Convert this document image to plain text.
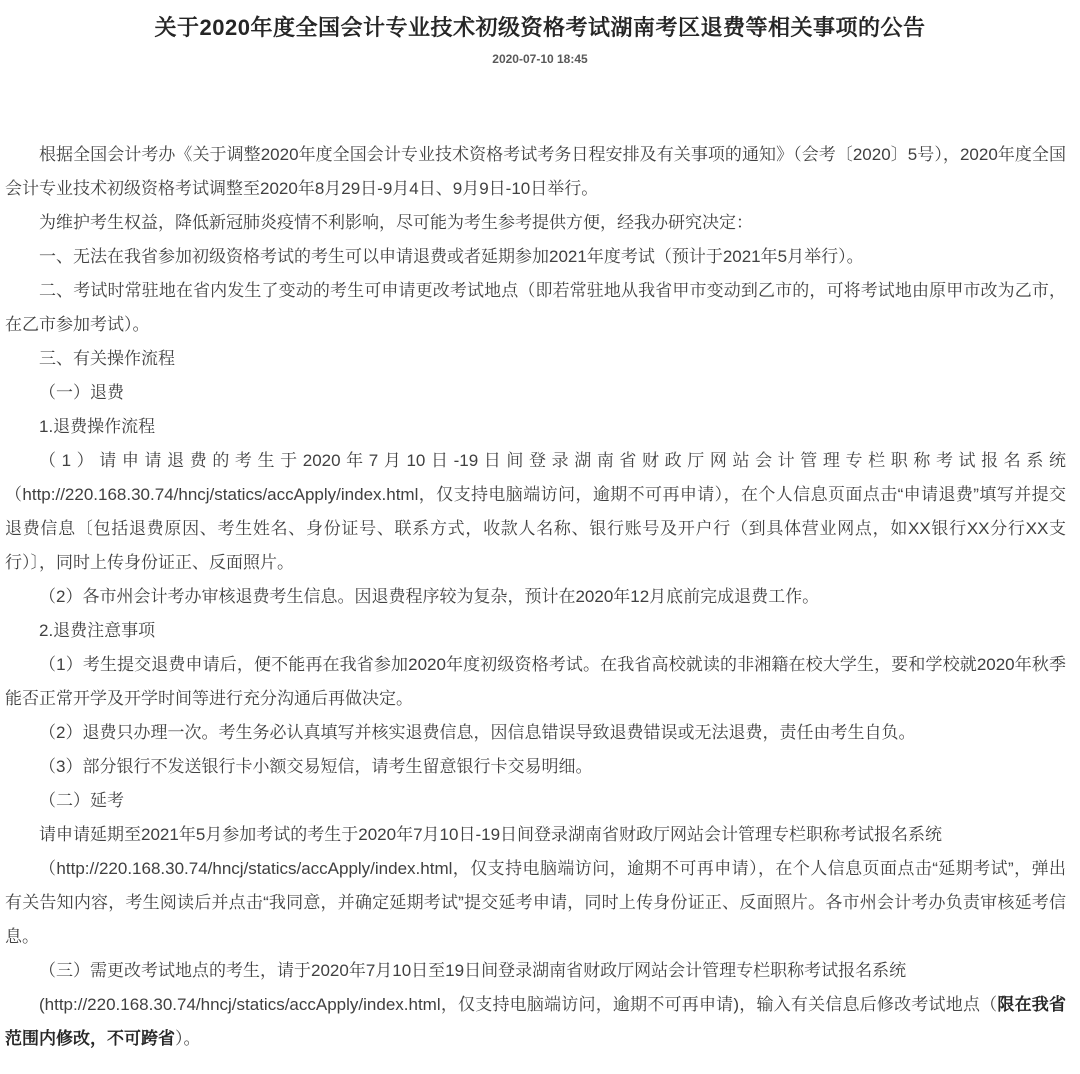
关于2020年度全国会计专业技术初级资格考试湖南考区退费等相关事项的公告
2020-07-10 18:45

根据全国会计考办《关于调整2020年度全国会计专业技术资格考试考务日程安排及有关事项的通知》（会考〔2020〕5号），2020年度全国会计专业技术初级资格考试调整至2020年8月29日-9月4日、9月9日-10日举行。

为维护考生权益，降低新冠肺炎疫情不利影响，尽可能为考生参考提供方便，经我办研究决定：

一、无法在我省参加初级资格考试的考生可以申请退费或者延期参加2021年度考试（预计于2021年5月举行）。

二、考试时常驻地在省内发生了变动的考生可申请更改考试地点（即若常驻地从我省甲市变动到乙市的，可将考试地由原甲市改为乙市，在乙市参加考试）。

三、有关操作流程

（一）退费

1.退费操作流程

（1）请申请退费的考生于2020年7月10日-19日间登录湖南省财政厅网站会计管理专栏职称考试报名系统（http://220.168.30.74/hncj/statics/accApply/index.html，仅支持电脑端访问，逾期不可再申请），在个人信息页面点击“申请退费”填写并提交退费信息〔包括退费原因、考生姓名、身份证号、联系方式，收款人名称、银行账号及开户行（到具体营业网点，如XX银行XX分行XX支行）〕，同时上传身份证正、反面照片。

（2）各市州会计考办审核退费考生信息。因退费程序较为复杂，预计在2020年12月底前完成退费工作。

2.退费注意事项

（1）考生提交退费申请后，便不能再在我省参加2020年度初级资格考试。在我省高校就读的非湘籍在校大学生，要和学校就2020年秋季能否正常开学及开学时间等进行充分沟通后再做决定。

（2）退费只办理一次。考生务必认真填写并核实退费信息，因信息错误导致退费错误或无法退费，责任由考生自负。

（3）部分银行不发送银行卡小额交易短信，请考生留意银行卡交易明细。

（二）延考

请申请延期至2021年5月参加考试的考生于2020年7月10日-19日间登录湖南省财政厅网站会计管理专栏职称考试报名系统

（http://220.168.30.74/hncj/statics/accApply/index.html，仅支持电脑端访问，逾期不可再申请），在个人信息页面点击“延期考试”，弹出有关告知内容，考生阅读后并点击“我同意，并确定延期考试”提交延考申请，同时上传身份证正、反面照片。各市州会计考办负责审核延考信息。

（三）需更改考试地点的考生，请于2020年7月10日至19日间登录湖南省财政厅网站会计管理专栏职称考试报名系统

(http://220.168.30.74/hncj/statics/accApply/index.html，仅支持电脑端访问，逾期不可再申请)，输入有关信息后修改考试地点（限在我省范围内修改，不可跨省）。
